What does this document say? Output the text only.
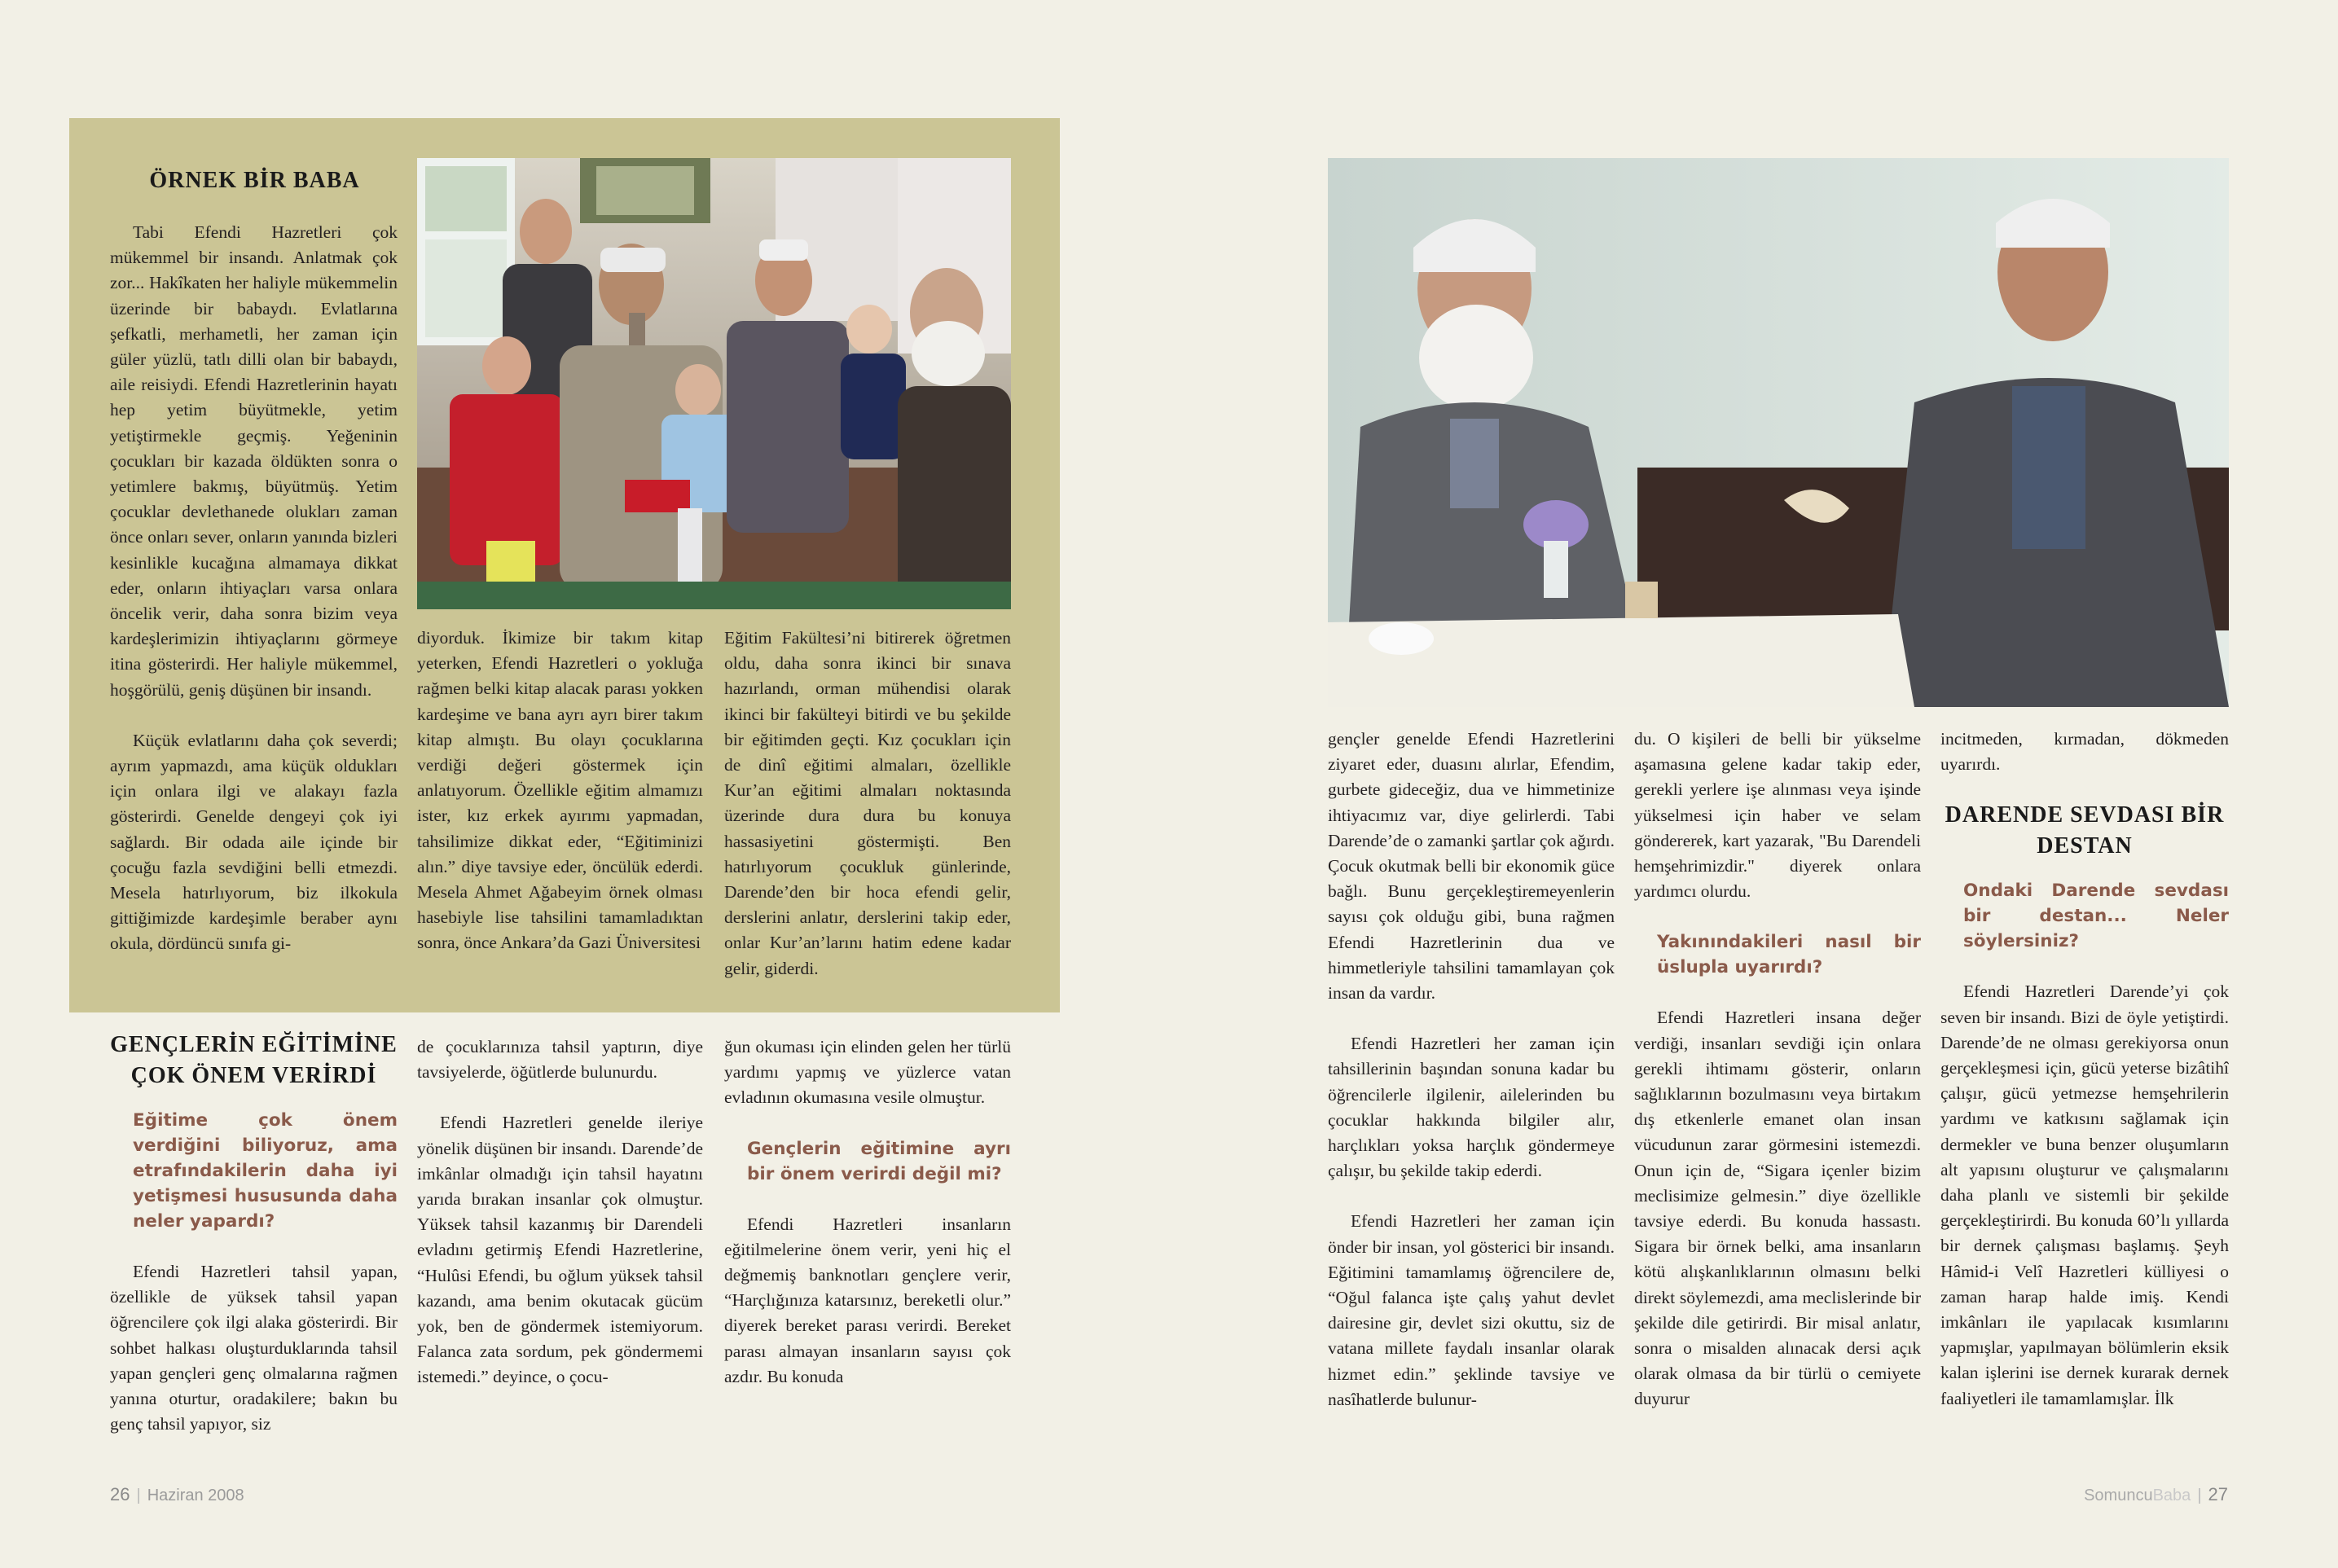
ÖRNEK BİR BABA

Tabi Efendi Hazretleri çok mükemmel bir insandı. Anlatmak çok zor... Hakîkaten her haliyle mükemmelin üzerinde bir babaydı. Evlatlarına şefkatli, merhametli, her zaman için güler yüzlü, tatlı dilli olan bir babaydı, aile reisiydi. Efendi Hazretlerinin hayatı hep yetim büyütmekle, yetim yetiştirmekle geçmiş. Yeğeninin çocukları bir kazada öldükten sonra o yetimlere bakmış, büyütmüş. Yetim çocuklar devlethanede olukları zaman önce onları sever, onların yanında bizleri kesinlikle kucağına almamaya dikkat eder, onların ihtiyaçları varsa onlara öncelik verir, daha sonra bizim veya kardeşlerimizin ihtiyaçlarını görmeye itina gösterirdi. Her haliyle mükemmel, hoşgörülü, geniş düşünen bir insandı.

Küçük evlatlarını daha çok severdi; ayrım yapmazdı, ama küçük oldukları için onlara ilgi ve alakayı fazla gösterirdi. Genelde dengeyi çok iyi sağlardı. Bir odada aile içinde bir çocuğu fazla sevdiğini belli etmezdi. Mesela hatırlıyorum, biz ilkokula gittiğimizde kardeşimle beraber aynı okula, dördüncü sınıfa gi-

diyorduk. İkimize bir takım kitap yeterken, Efendi Hazretleri o yokluğa rağmen belki kitap alacak parası yokken kardeşime ve bana ayrı ayrı birer takım kitap almıştı. Bu olayı çocuklarına verdiği değeri göstermek için anlatıyorum. Özellikle eğitim almamızı ister, kız erkek ayırımı yapmadan, tahsilimize dikkat eder, “Eğitiminizi alın.” diye tavsiye eder, öncülük ederdi. Mesela Ahmet Ağabeyim örnek olması hasebiyle lise tahsilini tamamladıktan sonra, önce Ankara’da Gazi Üniversitesi

Eğitim Fakültesi’ni bitirerek öğretmen oldu, daha sonra ikinci bir sınava hazırlandı, orman mühendisi olarak ikinci bir fakülteyi bitirdi ve bu şekilde bir eğitimden geçti. Kız çocukları için de dinî eğitimi almaları, özellikle Kur’an eğitimi almaları noktasında üzerinde dura dura bu konuya hassasiyetini göstermişti. Ben hatırlıyorum çocukluk günlerinde, Darende’den bir hoca efendi gelir, derslerini anlatır, derslerini takip eder, onlar Kur’an’larını hatim edene kadar gelir, giderdi.

GENÇLERİN EĞİTİMİNE ÇOK ÖNEM VERİRDİ
Eğitime çok önem verdiğini biliyoruz, ama etrafındakilerin daha iyi yetişmesi hususunda daha neler yapardı?

Efendi Hazretleri tahsil yapan, özellikle de yüksek tahsil yapan öğrencilere çok ilgi alaka gösterirdi. Bir sohbet halkası oluşturduklarında tahsil yapan gençleri genç olmalarına rağmen yanına oturtur, oradakilere; bakın bu genç tahsil yapıyor, siz

de çocuklarınıza tahsil yaptırın, diye tavsiyelerde, öğütlerde bulunurdu.

Efendi Hazretleri genelde ileriye yönelik düşünen bir insandı. Darende’de imkânlar olmadığı için tahsil hayatını yarıda bırakan insanlar çok olmuştur. Yüksek tahsil kazanmış bir Darendeli evladını getirmiş Efendi Hazretlerine, “Hulûsi Efendi, bu oğlum yüksek tahsil kazandı, ama benim okutacak gücüm yok, ben de göndermek istemiyorum. Falanca zata sordum, pek göndermemi istemedi.” deyince, o çocu-

ğun okuması için elinden gelen her türlü yardımı yapmış ve yüzlerce vatan evladının okumasına vesile olmuştur.

Gençlerin eğitimine ayrı bir önem verirdi değil mi?

Efendi Hazretleri insanların eğitilmelerine önem verir, yeni hiç el değmemiş banknotları gençlere verir, “Harçlığınıza katarsınız, bereketli olur.” diyerek bereket parası verirdi. Bereket parası almayan insanların sayısı çok azdır. Bu konuda

26 | Haziran 2008

gençler genelde Efendi Hazretlerini ziyaret eder, duasını alırlar, Efendim, gurbete gideceğiz, dua ve himmetinize ihtiyacımız var, diye gelirlerdi. Tabi Darende’de o zamanki şartlar çok ağırdı. Çocuk okutmak belli bir ekonomik güce bağlı. Bunu gerçekleştiremeyenlerin sayısı çok olduğu gibi, buna rağmen Efendi Hazretlerinin dua ve himmetleriyle tahsilini tamamlayan çok insan da vardır.

Efendi Hazretleri her zaman için tahsillerinin başından sonuna kadar bu öğrencilerle ilgilenir, ailelerinden bu çocuklar hakkında bilgiler alır, harçlıkları yoksa harçlık göndermeye çalışır, bu şekilde takip ederdi.

Efendi Hazretleri her zaman için önder bir insan, yol gösterici bir insandı. Eğitimini tamamlamış öğrencilere de, “Oğul falanca işte çalış yahut devlet dairesine gir, devlet sizi okuttu, siz de vatana millete faydalı insanlar olarak hizmet edin.” şeklinde tavsiye ve nasîhatlerde bulunur-

du. O kişileri de belli bir yükselme aşamasına gelene kadar takip eder, gerekli yerlere işe alınması veya işinde yükselmesi için haber ve selam göndererek, kart yazarak, "Bu Darendeli hemşehrimizdir." diyerek onlara yardımcı olurdu.

Yakınındakileri nasıl bir üslupla uyarırdı?

Efendi Hazretleri insana değer verdiği, insanları sevdiği için onlara gerekli ihtimamı gösterir, onların sağlıklarının bozulmasını veya birtakım dış etkenlerle emanet olan insan vücudunun zarar görmesini istemezdi. Onun için de, “Sigara içenler bizim meclisimize gelmesin.” diye özellikle tavsiye ederdi. Bu konuda hassastı. Sigara bir örnek belki, ama insanların kötü alışkanlıklarının olmasını belki direkt söylemezdi, ama meclislerinde bir şekilde dile getirirdi. Bir misal anlatır, sonra o misalden alınacak dersi açık olarak olmasa da bir türlü o cemiyete duyurur

incitmeden, kırmadan, dökmeden uyarırdı.

DARENDE SEVDASI BİR DESTAN
Ondaki Darende sevdası bir destan... Neler söylersiniz?

Efendi Hazretleri Darende’yi çok seven bir insandı. Bizi de öyle yetiştirdi. Darende’de ne olması gerekiyorsa onun gerçekleşmesi için, gücü yeterse bizâtihî çalışır, gücü yetmezse hemşehrilerin yardımı ve katkısını sağlamak için dermekler ve buna benzer oluşumların alt yapısını oluşturur ve çalışmalarını daha planlı ve sistemli bir şekilde gerçekleştirirdi. Bu konuda 60’lı yıllarda bir dernek çalışması başlamış. Şeyh Hâmid-i Velî Hazretleri külliyesi o zaman harap halde imiş. Kendi imkânları ile yapılacak kısımlarını yapmışlar, yapılmayan bölümlerin eksik kalan işlerini ise dernek kurarak dernek faaliyetleri ile tamamlamışlar. İlk

SomuncuBaba | 27
